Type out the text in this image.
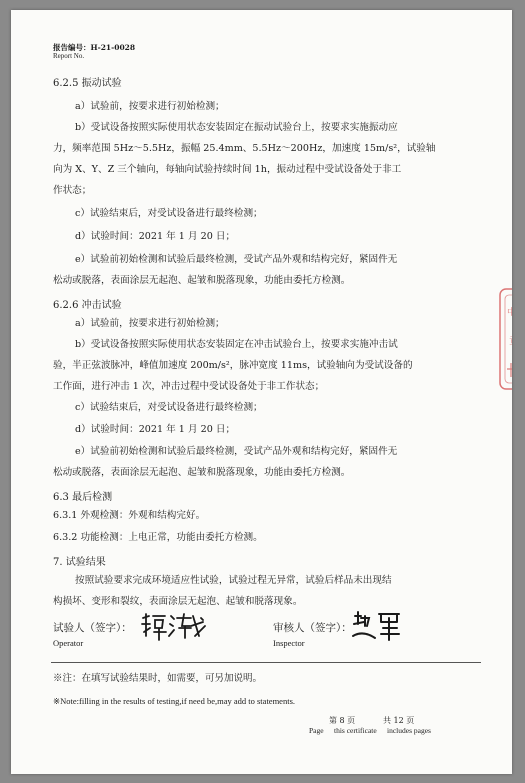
报告编号：H-21-0028
Report No.
6.2.5 振动试验
a）试验前，按要求进行初始检测；
b）受试设备按照实际使用状态安装固定在振动试验台上，按要求实施振动应
力，频率范围 5Hz～5.5Hz，振幅 25.4mm、5.5Hz～200Hz，加速度 15m/s²，试验轴
向为 X、Y、Z 三个轴向，每轴向试验持续时间 1h，振动过程中受试设备处于非工
作状态；
c）试验结束后，对受试设备进行最终检测；
d）试验时间：2021 年 1 月 20 日；
e）试验前初始检测和试验后最终检测，受试产品外观和结构完好，紧固件无
松动或脱落，表面涂层无起泡、起皱和脱落现象，功能由委托方检测。
6.2.6 冲击试验
a）试验前，按要求进行初始检测；
b）受试设备按照实际使用状态安装固定在冲击试验台上，按要求实施冲击试
验，半正弦波脉冲，峰值加速度 200m/s²，脉冲宽度 11ms，试验轴向为受试设备的
工作面，进行冲击 1 次，冲击过程中受试设备处于非工作状态；
c）试验结束后，对受试设备进行最终检测；
d）试验时间：2021 年 1 月 20 日；
e）试验前初始检测和试验后最终检测，受试产品外观和结构完好，紧固件无
松动或脱落，表面涂层无起泡、起皱和脱落现象，功能由委托方检测。
6.3 最后检测
6.3.1 外观检测：外观和结构完好。
6.3.2 功能检测：上电正常，功能由委托方检测。
7. 试验结果
按照试验要求完成环境适应性试验，试验过程无异常，试验后样品未出现结
构损坏、变形和裂纹，表面涂层无起泡、起皱和脱落现象。
试验人（签字）：
Operator
审核人（签字）：
Inspector
※注：在填写试验结果时，如需要，可另加说明。
※Note:filling in the results of testing,if need be,may add to statements.
第 8 页	共 12 页
Page this certificate includes pages
中南
章
